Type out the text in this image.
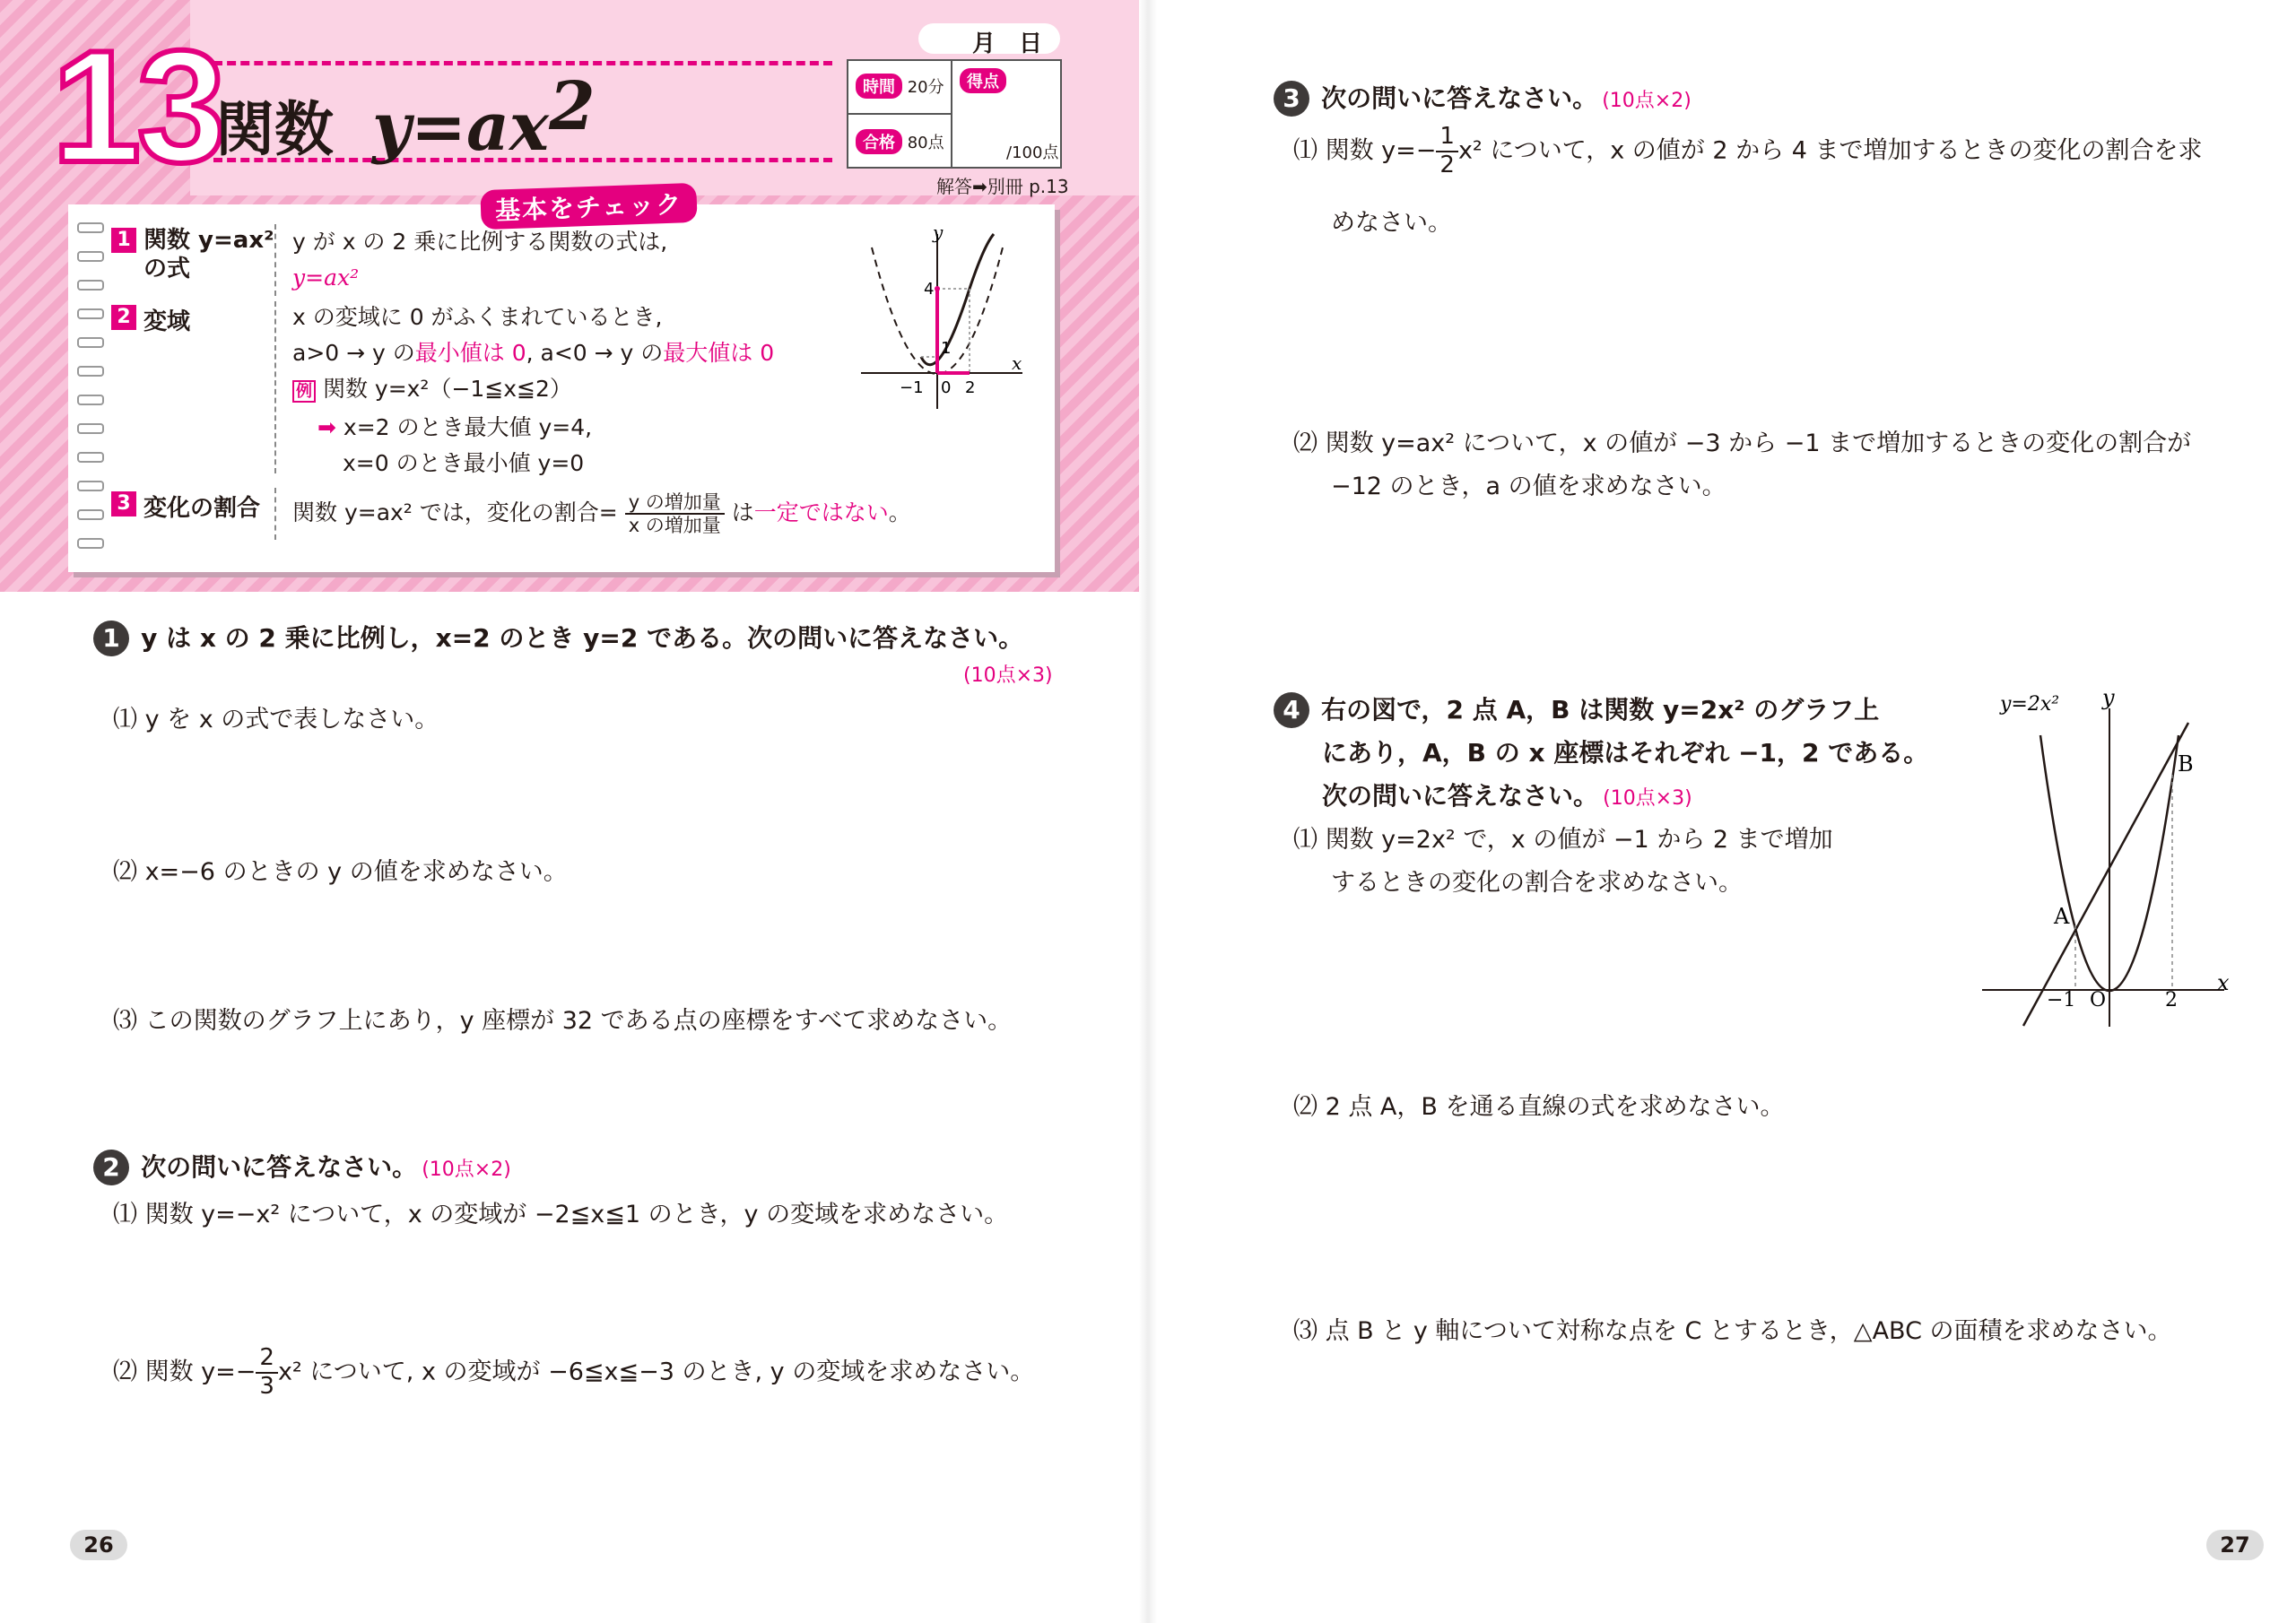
13
関数 $y=ax^2$
月　日
時間 20分
合格 80点
得点
/100点
解答➡別冊 p.13
基本をチェック
1 関数 y=ax²の式
y が x の 2 乗に比例する関数の式は,
y=ax²
2 変域	x の変域に 0 がふくまれているとき,
a>0 → y の最小値は 0, a<0 → y の最大値は 0
例 関数 y=x²（−1≦x≦2）
➡ x=2 のとき最大値 y=4,
x=0 のとき最小値 y=0
3 変化の割合 関数 y=ax² では，変化の割合= $\frac{\text{y の増加量}}{\text{x の増加量}}$ は一定ではない。
y
x
4
1
−1 0 2
1 y は x の 2 乗に比例し，x=2 のとき y=2 である。次の問いに答えなさい。
(10点×3)
⑴ y を x の式で表しなさい。
⑵ x=−6 のときの y の値を求めなさい。
⑶ この関数のグラフ上にあり，y 座標が 32 である点の座標をすべて求めなさい。
2 次の問いに答えなさい。 (10点×2)
⑴ 関数 y=−x² について，x の変域が −2≦x≦1 のとき，y の変域を求めなさい。
⑵ 関数 $y=- \frac{2}{3} x^2$ について, x の変域が −6≦x≦−3 のとき, y の変域を求めなさい。
26
3 次の問いに答えなさい。 (10点×2)
⑴ 関数 $y=- \frac{1}{2} x^2$ について，x の値が 2 から 4 まで増加するときの変化の割合を求
めなさい。
⑵ 関数 y=ax² について，x の値が −3 から −1 まで増加するときの変化の割合が
−12 のとき，a の値を求めなさい。
4 右の図で，2 点 A，B は関数 y=2x² のグラフ上
にあり，A，B の x 座標はそれぞれ −1，2 である。
次の問いに答えなさい。 (10点×3)
⑴ 関数 y=2x² で，x の値が −1 から 2 まで増加
するときの変化の割合を求めなさい。
⑵ 2 点 A，B を通る直線の式を求めなさい。
⑶ 点 B と y 軸について対称な点を C とするとき，△ABC の面積を求めなさい。
y=2x² y
x
A
B
−1 O	2
27
